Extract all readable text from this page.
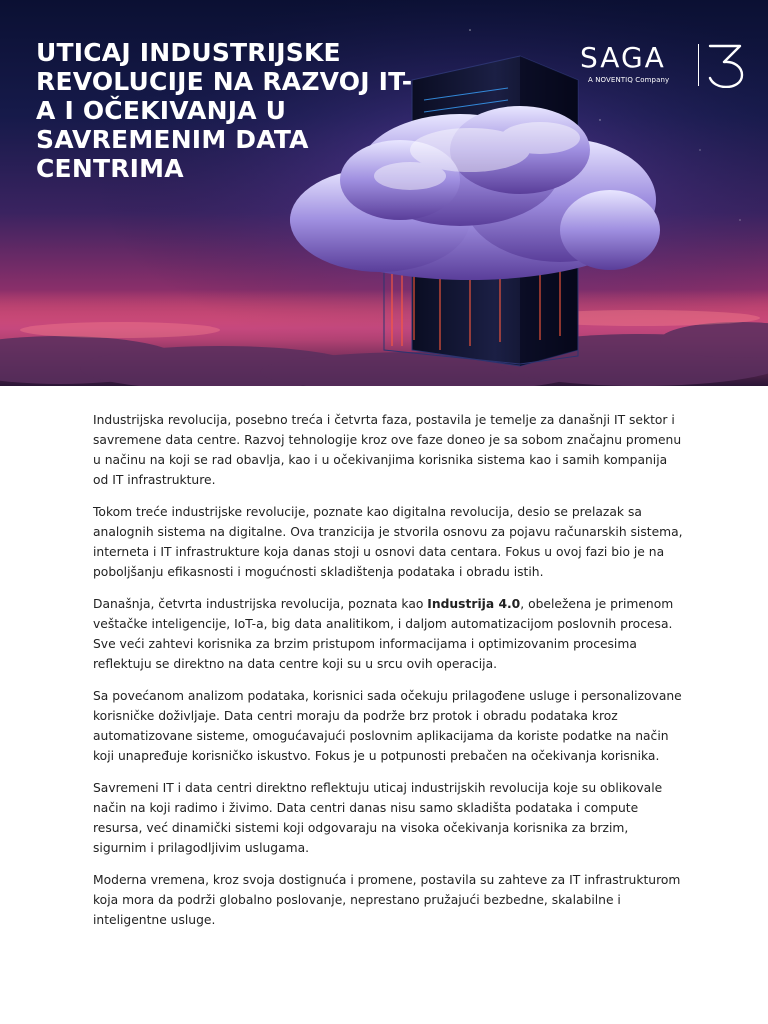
UTICAJ INDUSTRIJSKE REVOLUCIJE NA RAZVOJ IT-A I OČEKIVANJA U SAVREMENIM DATA CENTRIMA
SAGA
A NOVENTIQ Company

Industrijska revolucija, posebno treća i četvrta faza, postavila je temelje za današnji IT sektor i savremene data centre. Razvoj tehnologije kroz ove faze doneo je sa sobom značajnu promenu u načinu na koji se rad obavlja, kao i u očekivanjima korisnika sistema kao i samih kompanija od IT infrastrukture.

Tokom treće industrijske revolucije, poznate kao digitalna revolucija, desio se prelazak sa analognih sistema na digitalne. Ova tranzicija je stvorila osnovu za pojavu računarskih sistema, interneta i IT infrastrukture koja danas stoji u osnovi data centara. Fokus u ovoj fazi bio je na poboljšanju efikasnosti i mogućnosti skladištenja podataka i obradu istih.

Današnja, četvrta industrijska revolucija, poznata kao Industrija 4.0, obeležena je primenom veštačke inteligencije, IoT-a, big data analitikom, i daljom automatizacijom poslovnih procesa. Sve veći zahtevi korisnika za brzim pristupom informacijama i optimizovanim procesima reflektuju se direktno na data centre koji su u srcu ovih operacija.

Sa povećanom analizom podataka, korisnici sada očekuju prilagođene usluge i personalizovane korisničke doživljaje. Data centri moraju da podrže brz protok i obradu podataka kroz automatizovane sisteme, omogućavajući poslovnim aplikacijama da koriste podatke na način koji unapređuje korisničko iskustvo. Fokus je u potpunosti prebačen na očekivanja korisnika.

Savremeni IT i data centri direktno reflektuju uticaj industrijskih revolucija koje su oblikovale način na koji radimo i živimo. Data centri danas nisu samo skladišta podataka i compute resursa, već dinamički sistemi koji odgovaraju na visoka očekivanja korisnika za brzim, sigurnim i prilagodljivim uslugama.

Moderna vremena, kroz svoja dostignuća i promene, postavila su zahteve za IT infrastrukturom koja mora da podrži globalno poslovanje, neprestano pružajući bezbedne, skalabilne i inteligentne usluge.
